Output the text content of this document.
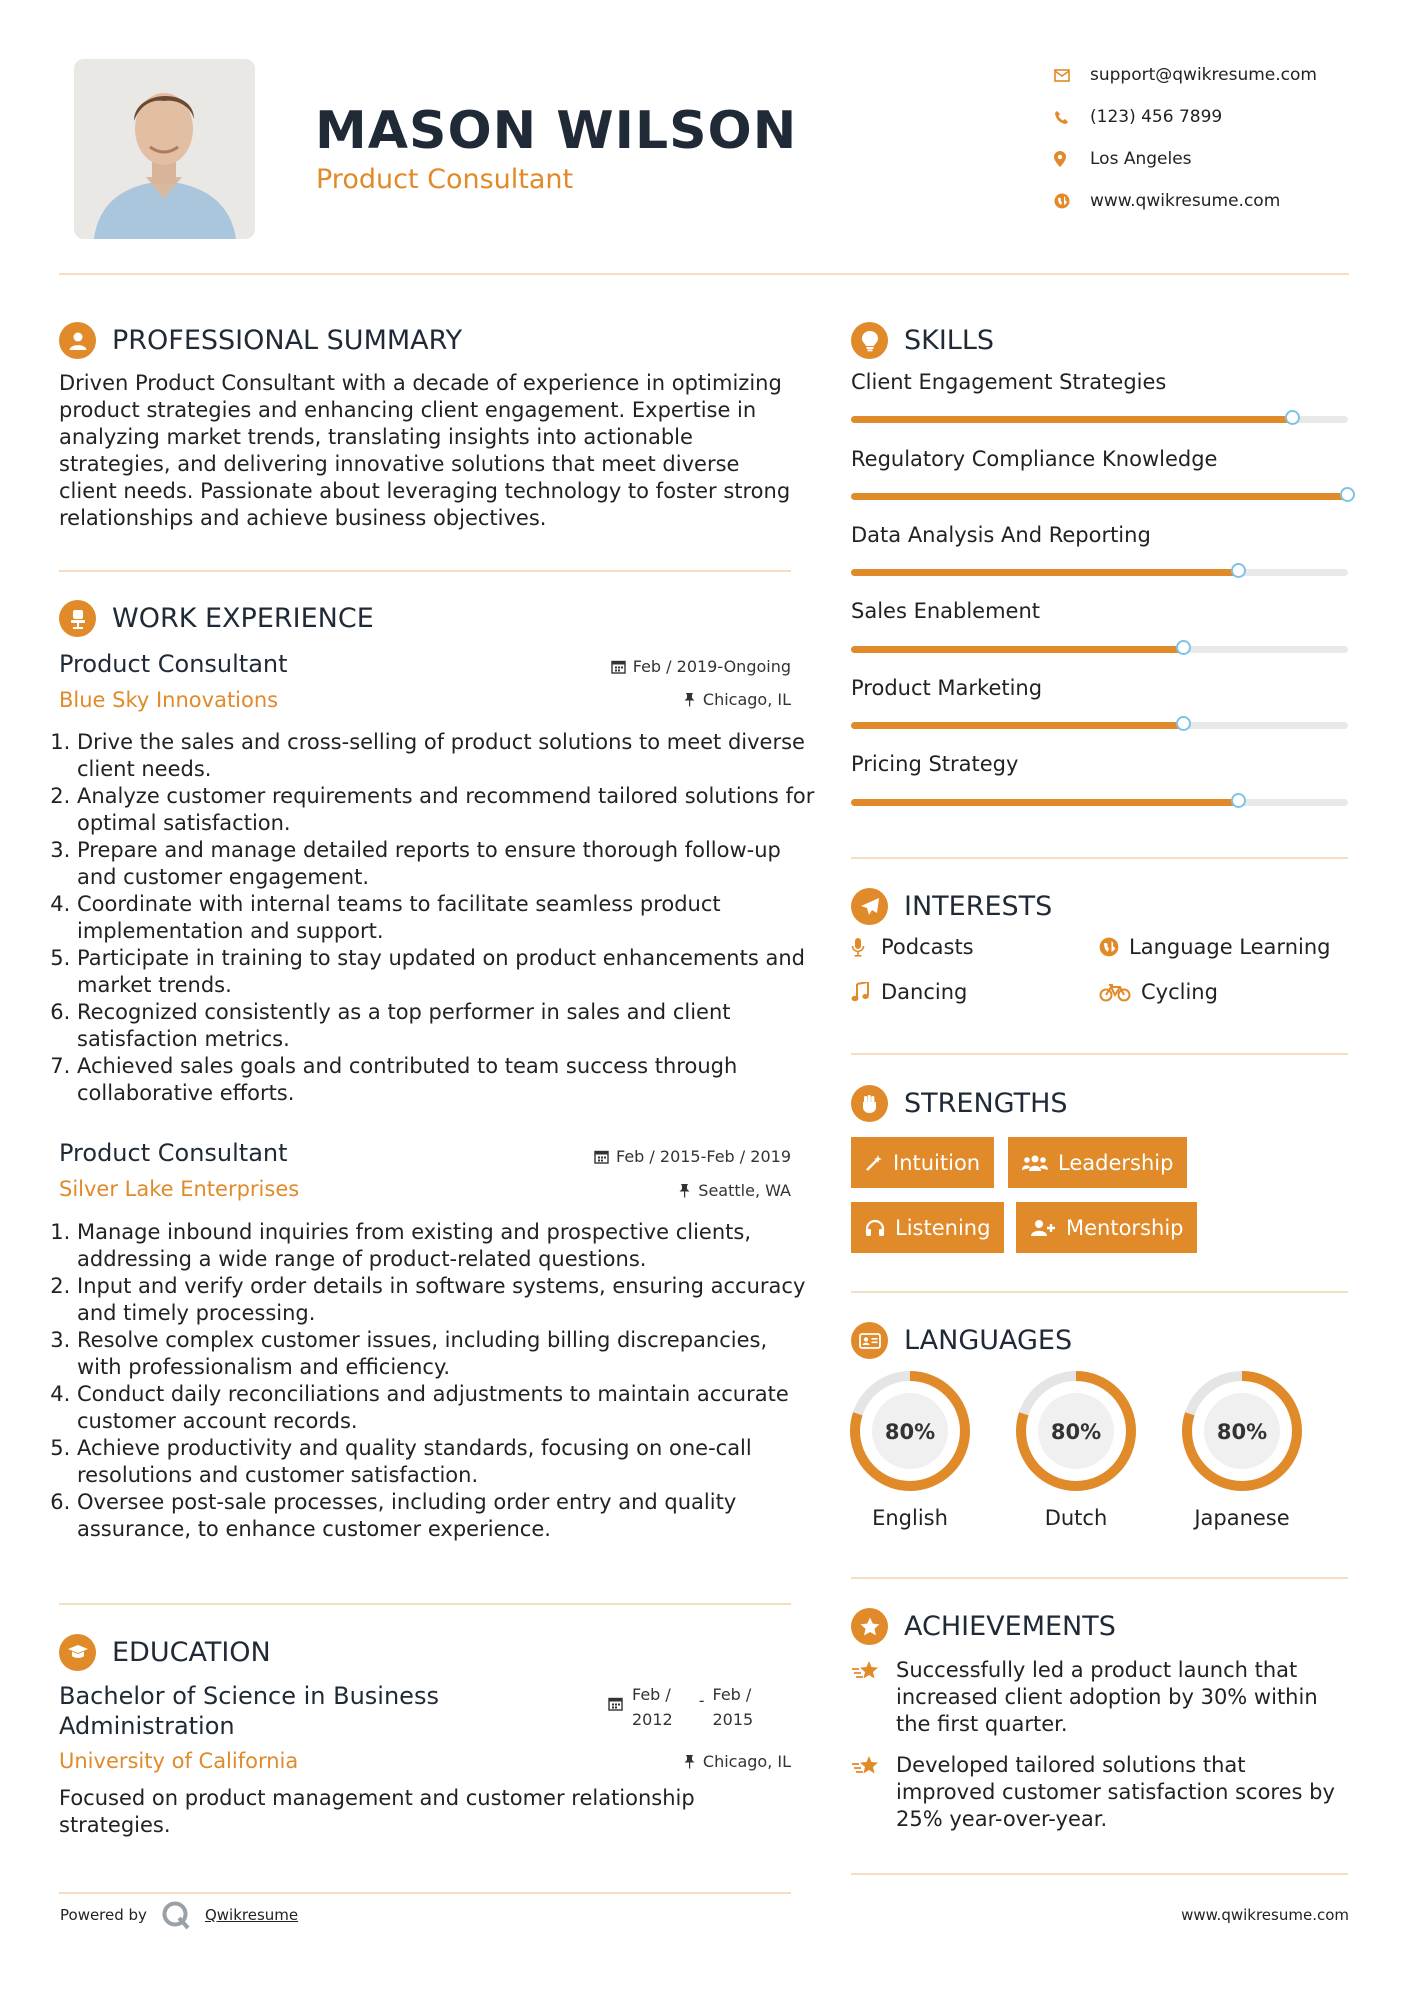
MASON WILSON
Product Consultant
support@qwikresume.com
(123) 456 7899
Los Angeles
www.qwikresume.com
PROFESSIONAL SUMMARY
Driven Product Consultant with a decade of experience in optimizing
product strategies and enhancing client engagement. Expertise in
analyzing market trends, translating insights into actionable
strategies, and delivering innovative solutions that meet diverse
client needs. Passionate about leveraging technology to foster strong
relationships and achieve business objectives.
WORK EXPERIENCE
Product Consultant	Feb / 2019-Ongoing
Blue Sky Innovations	Chicago, IL
1. Drive the sales and cross-selling of product solutions to meet diverse client needs.
2. Analyze customer requirements and recommend tailored solutions for optimal satisfaction.
3. Prepare and manage detailed reports to ensure thorough follow-up and customer engagement.
4. Coordinate with internal teams to facilitate seamless product implementation and support.
5. Participate in training to stay updated on product enhancements and market trends.
6. Recognized consistently as a top performer in sales and client satisfaction metrics.
7. Achieved sales goals and contributed to team success through collaborative efforts.
Product Consultant	Feb / 2015-Feb / 2019
Silver Lake Enterprises	Seattle, WA
1. Manage inbound inquiries from existing and prospective clients, addressing a wide range of product-related questions.
2. Input and verify order details in software systems, ensuring accuracy and timely processing.
3. Resolve complex customer issues, including billing discrepancies, with professionalism and efficiency.
4. Conduct daily reconciliations and adjustments to maintain accurate customer account records.
5. Achieve productivity and quality standards, focusing on one-call resolutions and customer satisfaction.
6. Oversee post-sale processes, including order entry and quality assurance, to enhance customer experience.
EDUCATION
Bachelor of Science in Business
Administration
Feb /
2012
- Feb /
2015
University of California	Chicago, IL
Focused on product management and customer relationship
strategies.
SKILLS
Client Engagement Strategies
Regulatory Compliance Knowledge
Data Analysis And Reporting
Sales Enablement
Product Marketing
Pricing Strategy
INTERESTS
Podcasts	Language Learning
Dancing	Cycling
STRENGTHS
Intuition	Leadership
Listening	Mentorship
LANGUAGES
80%
English
80%
Dutch
80%
Japanese
ACHIEVEMENTS
Successfully led a product launch that
increased client adoption by 30% within
the first quarter.
Developed tailored solutions that
improved customer satisfaction scores by
25% year-over-year.
Powered by	Qwikresume	www.qwikresume.com
